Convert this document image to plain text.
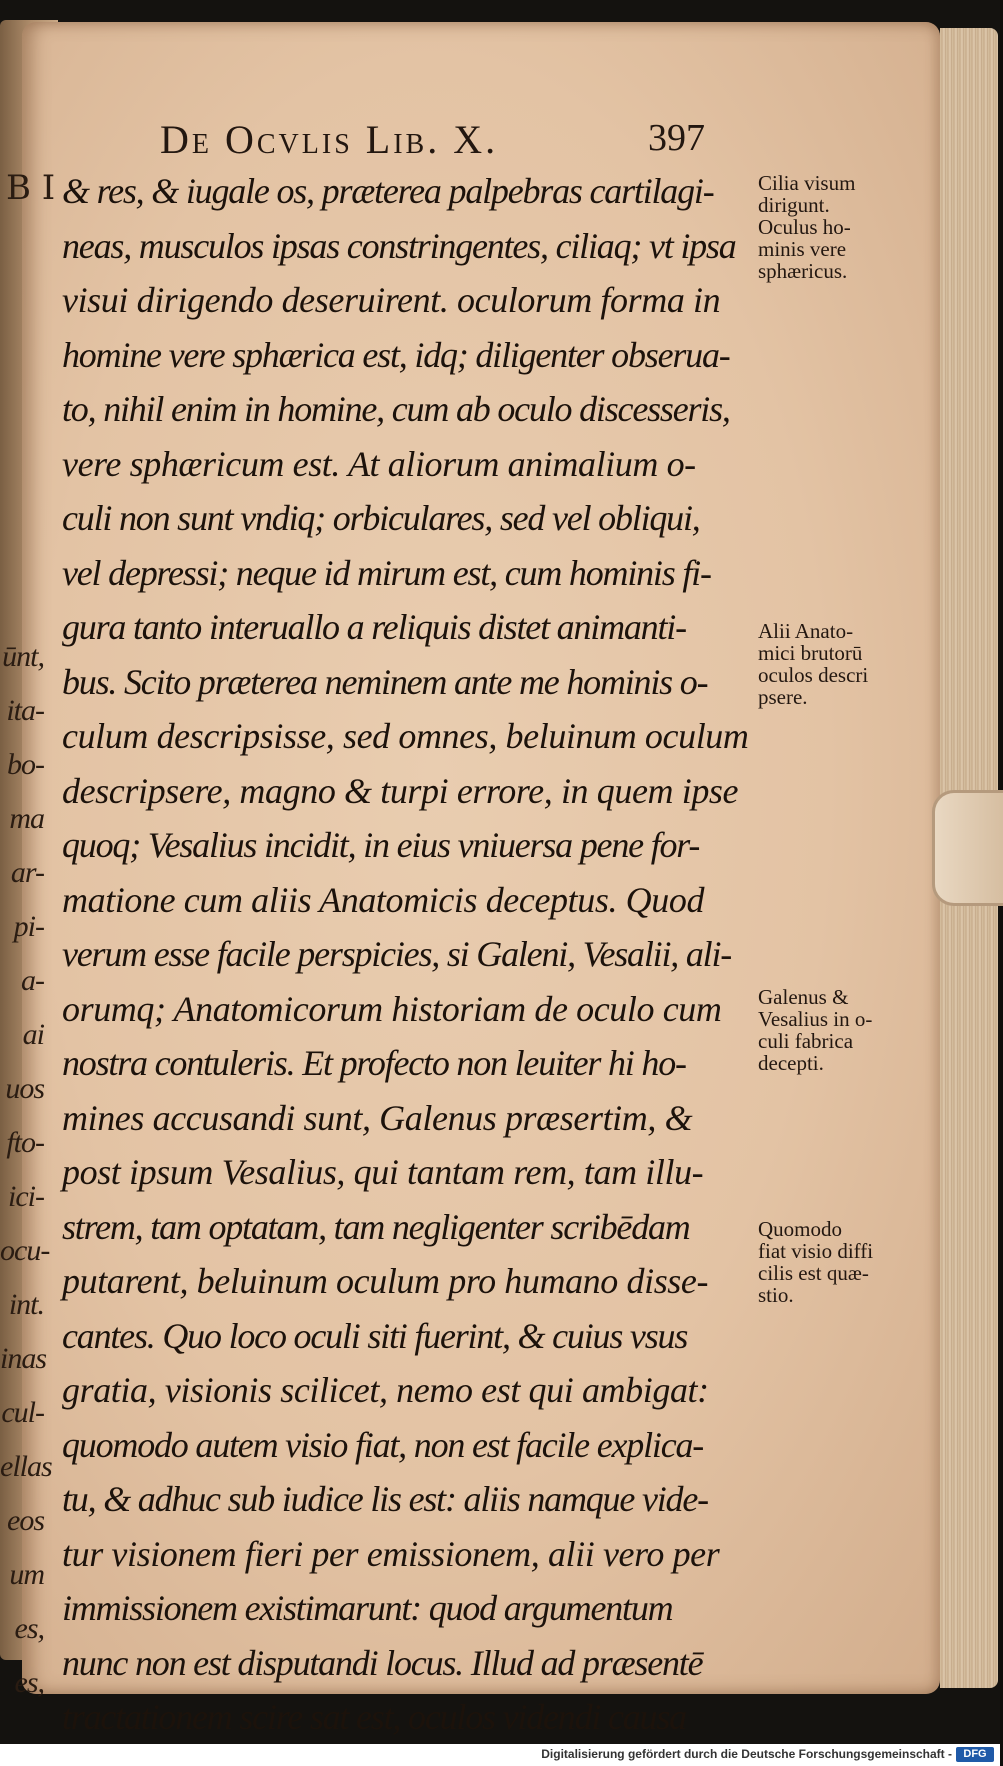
B I
ūnt,
ita-
bo-
ma
ar-
pi-
a-
ai
uos
fto-
ici-
ocu-
int.
inas
cul-
ellas
eos
um
es,
es,
De Ocvlis Lib. X.	397
& res, & iugale os, præterea palpebras cartilagi-
neas, musculos ipsas constringentes, ciliaq; vt ipsa
visui dirigendo deseruirent. oculorum forma in
homine vere sphærica est, idq; diligenter obserua-
to, nihil enim in homine, cum ab oculo discesseris,
vere sphæricum est. At aliorum animalium o-
culi non sunt vndiq; orbiculares, sed vel obliqui,
vel depressi; neque id mirum est, cum hominis fi-
gura tanto interuallo a reliquis distet animanti-
bus. Scito præterea neminem ante me hominis o-
culum descripsisse, sed omnes, beluinum oculum
descripsere, magno & turpi errore, in quem ipse
quoq; Vesalius incidit, in eius vniuersa pene for-
matione cum aliis Anatomicis deceptus. Quod
verum esse facile perspicies, si Galeni, Vesalii, ali-
orumq; Anatomicorum historiam de oculo cum
nostra contuleris. Et profecto non leuiter hi ho-
mines accusandi sunt, Galenus præsertim, &
post ipsum Vesalius, qui tantam rem, tam illu-
strem, tam optatam, tam negligenter scribēdam
putarent, beluinum oculum pro humano disse-
cantes. Quo loco oculi siti fuerint, & cuius vsus
gratia, visionis scilicet, nemo est qui ambigat:
quomodo autem visio fiat, non est facile explica-
tu, & adhuc sub iudice lis est: aliis namque vide-
tur visionem fieri per emissionem, alii vero per
immissionem existimarunt: quod argumentum
nunc non est disputandi locus. Illud ad præsentē
tractationem scire sat est, oculos videndi causa
Cilia visum
dirigunt.
Oculus ho-
minis vere
sphæricus.
Alii Anato-
mici brutorū
oculos descri
psere.
Galenus &
Vesalius in o-
culi fabrica
decepti.
Quomodo
fiat visio diffi
cilis est quæ-
stio.
Digitalisierung gefördert durch die Deutsche Forschungsgemeinschaft -	DFG
